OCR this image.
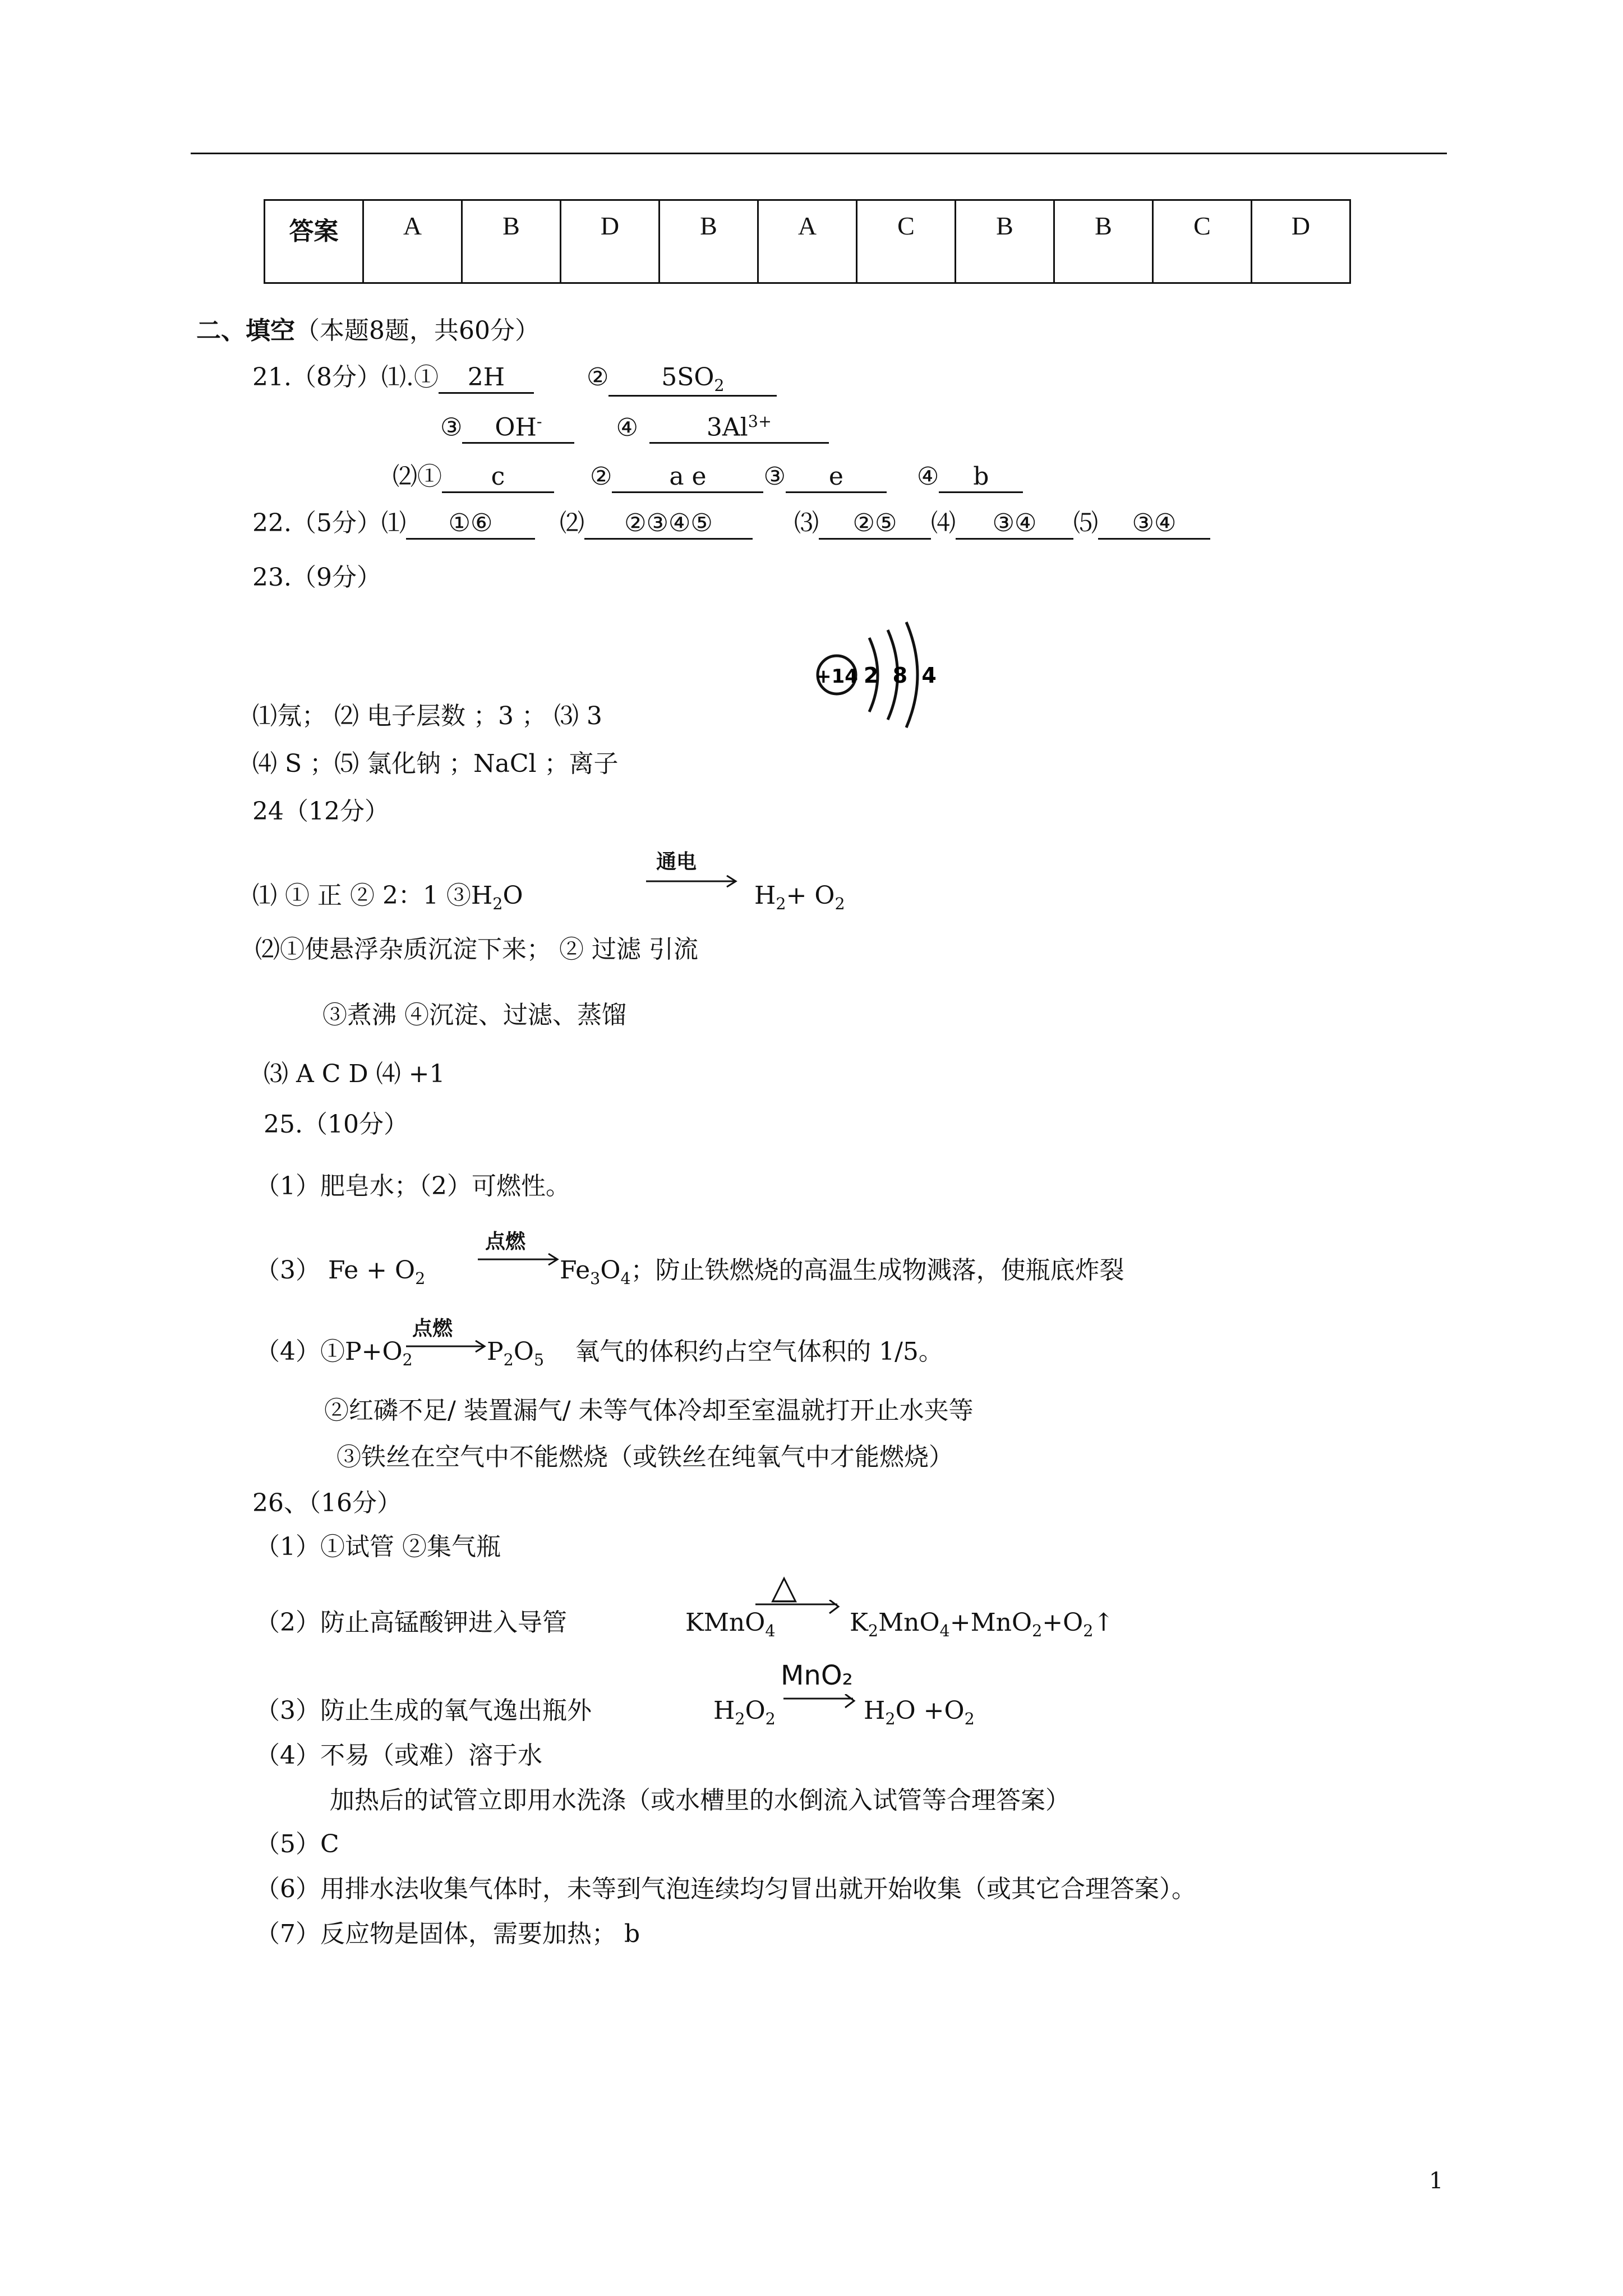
答案	A	B	D	B	A	C	B	B	C	D
二、填空（本题8题，共60分）
21.（8分）⑴.① 2H	② $5SO_2$
③ OH-	④	$3Al^{3+}$
⑵① c	② a e ③ e	④ b
22.（5分）⑴ ①⑥	⑵ ②③④⑤	⑶ ②⑤ ⑷ ③④ ⑸ ③④
23.（9分）
+14 2 8 4
⑴氖； ⑵ 电子层数 ；3 ； ⑶ 3
⑷ S ；⑸ 氯化钠 ；NaCl ；离子
24（12分）
⑴ ① 正 ② 2：1 $③H_2O$
通电
$H_2+ O_2$
⑵①使悬浮杂质沉淀下来； ② 过滤 引流
③煮沸 ④沉淀、过滤、蒸馏
⑶ A C D ⑷ +1
25.（10分）
（1）肥皂水；（2）可燃性。
（3） $Fe + O_2$
点燃
$Fe_3O_4$；防止铁燃烧的高温生成物溅落，使瓶底炸裂
$(4)①P+O_2$
点燃
$P_2O_5$ 氧气的体积约占空气体积的 1/5。
②红磷不足/ 装置漏气/ 未等气体冷却至室温就打开止水夹等
③铁丝在空气中不能燃烧（或铁丝在纯氧气中才能燃烧）
26、（16分）
（1）①试管 ②集气瓶
（2）防止高锰酸钾进入导管	KMnO$_4$
△
$K_2MnO_4+MnO_2+O_2↑$
（3）防止生成的氧气逸出瓶外	$H_2O_2$
MnO₂
$H_2O +O_2$
（4）不易（或难）溶于水
加热后的试管立即用水洗涤（或水槽里的水倒流入试管等合理答案）
（5）C
（6）用排水法收集气体时，未等到气泡连续均匀冒出就开始收集（或其它合理答案）。
（7）反应物是固体，需要加热； b
1
